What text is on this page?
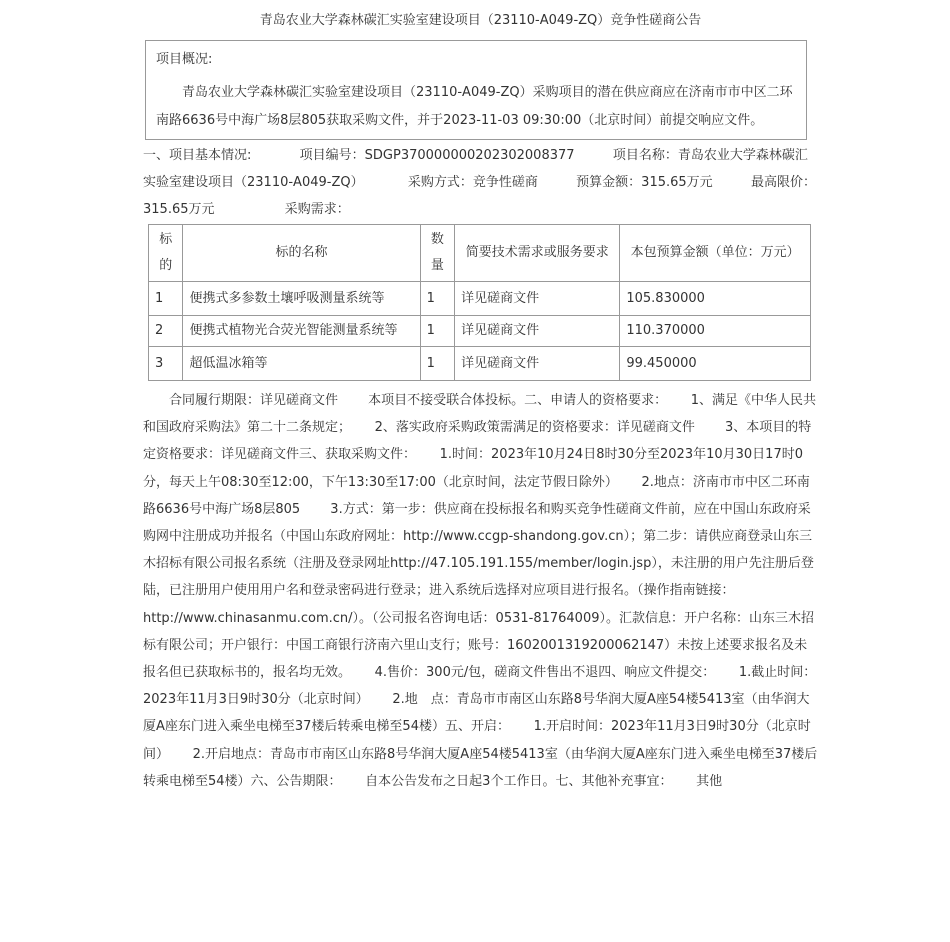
青岛农业大学森林碳汇实验室建设项目（23110-A049-ZQ）竞争性磋商公告
项目概况:
青岛农业大学森林碳汇实验室建设项目（23110-A049-ZQ）采购项目的潜在供应商应在济南市市中区二环南路6636号中海广场8层805获取采购文件，并于2023-11-03 09:30:00（北京时间）前提交响应文件。
一、项目基本情况:	项目编号：SDGP370000000202302008377	项目名称：青岛农业大学森林碳汇实验室建设项目（23110-A049-ZQ）	采购方式：竞争性磋商	预算金额：315.65万元	最高限价：315.65万元	采购需求：
标的	标的名称	数量	简要技术需求或服务要求	本包预算金额（单位：万元）
1	便携式多参数土壤呼吸测量系统等	1	详见磋商文件	105.830000
2	便携式植物光合荧光智能测量系统等	1	详见磋商文件	110.370000
3	超低温冰箱等	1	详见磋商文件	99.450000
合同履行期限：详见磋商文件　　 本项目不接受联合体投标。二、申请人的资格要求：　　 1、满足《中华人民共和国政府采购法》第二十二条规定；　　 2、落实政府采购政策需满足的资格要求：详见磋商文件　　 3、本项目的特定资格要求：详见磋商文件三、获取采购文件：　　 1.时间：2023年10月24日8时30分至2023年10月30日17时0分，每天上午08:30至12:00，下午13:30至17:00（北京时间，法定节假日除外）　　 2.地点：济南市市中区二环南路6636号中海广场8层805　　 3.方式：第一步：供应商在投标报名和购买竞争性磋商文件前，应在中国山东政府采购网中注册成功并报名（中国山东政府网址：http://www.ccgp-shandong.gov.cn）；第二步：请供应商登录山东三木招标有限公司报名系统（注册及登录网址http://47.105.191.155/member/login.jsp），未注册的用户先注册后登陆，已注册用户使用用户名和登录密码进行登录；进入系统后选择对应项目进行报名。（操作指南链接：http://www.chinasanmu.com.cn/）。（公司报名咨询电话：0531-81764009）。汇款信息：开户名称：山东三木招标有限公司；开户银行：中国工商银行济南六里山支行；账号：1602001319200062147）未按上述要求报名及未报名但已获取标书的，报名均无效。　　 4.售价：300元/包，磋商文件售出不退四、响应文件提交：　　 1.截止时间：2023年11月3日9时30分（北京时间）　　 2.地　点：青岛市市南区山东路8号华润大厦A座54楼5413室（由华润大厦A座东门进入乘坐电梯至37楼后转乘电梯至54楼）五、开启：　　 1.开启时间：2023年11月3日9时30分（北京时间）　　 2.开启地点：青岛市市南区山东路8号华润大厦A座54楼5413室（由华润大厦A座东门进入乘坐电梯至37楼后转乘电梯至54楼）六、公告期限：　　 自本公告发布之日起3个工作日。七、其他补充事宜：　　 其他
